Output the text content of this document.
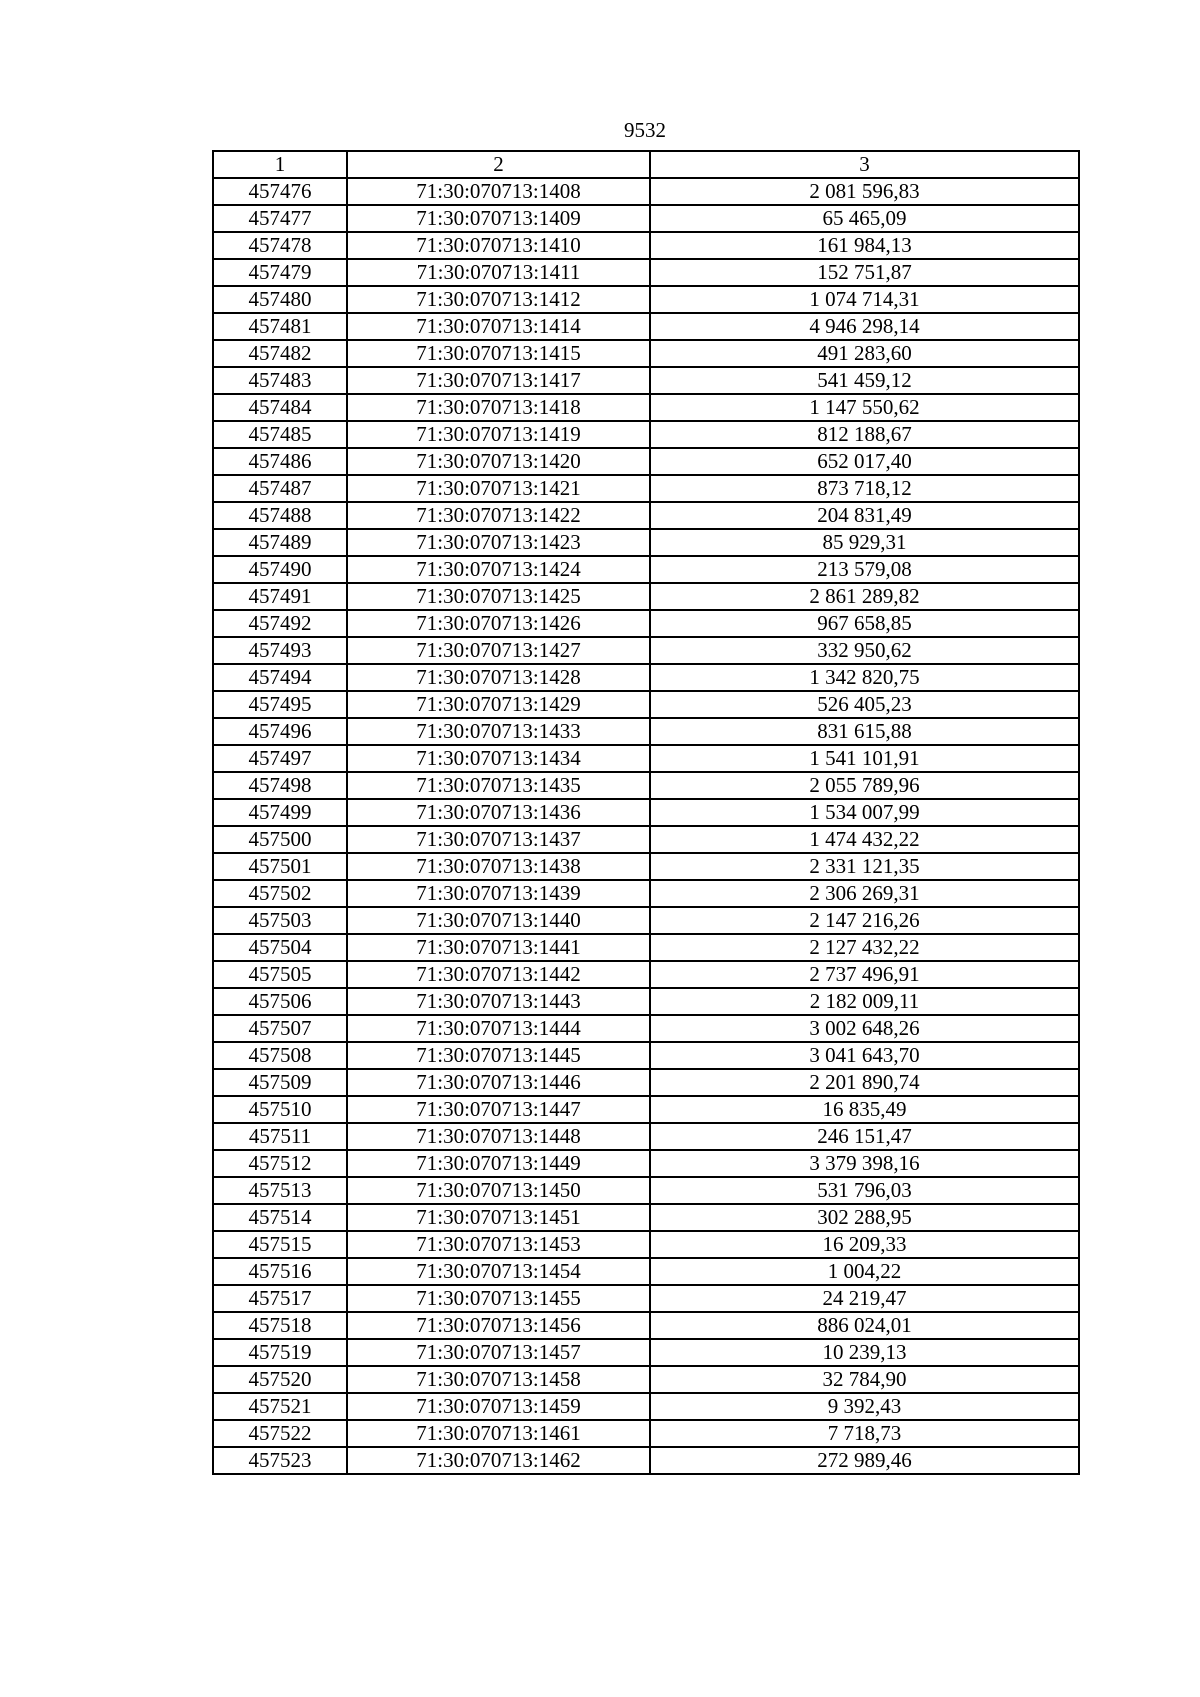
9532
1	2	3
457476	71:30:070713:1408	2 081 596,83
457477	71:30:070713:1409	65 465,09
457478	71:30:070713:1410	161 984,13
457479	71:30:070713:1411	152 751,87
457480	71:30:070713:1412	1 074 714,31
457481	71:30:070713:1414	4 946 298,14
457482	71:30:070713:1415	491 283,60
457483	71:30:070713:1417	541 459,12
457484	71:30:070713:1418	1 147 550,62
457485	71:30:070713:1419	812 188,67
457486	71:30:070713:1420	652 017,40
457487	71:30:070713:1421	873 718,12
457488	71:30:070713:1422	204 831,49
457489	71:30:070713:1423	85 929,31
457490	71:30:070713:1424	213 579,08
457491	71:30:070713:1425	2 861 289,82
457492	71:30:070713:1426	967 658,85
457493	71:30:070713:1427	332 950,62
457494	71:30:070713:1428	1 342 820,75
457495	71:30:070713:1429	526 405,23
457496	71:30:070713:1433	831 615,88
457497	71:30:070713:1434	1 541 101,91
457498	71:30:070713:1435	2 055 789,96
457499	71:30:070713:1436	1 534 007,99
457500	71:30:070713:1437	1 474 432,22
457501	71:30:070713:1438	2 331 121,35
457502	71:30:070713:1439	2 306 269,31
457503	71:30:070713:1440	2 147 216,26
457504	71:30:070713:1441	2 127 432,22
457505	71:30:070713:1442	2 737 496,91
457506	71:30:070713:1443	2 182 009,11
457507	71:30:070713:1444	3 002 648,26
457508	71:30:070713:1445	3 041 643,70
457509	71:30:070713:1446	2 201 890,74
457510	71:30:070713:1447	16 835,49
457511	71:30:070713:1448	246 151,47
457512	71:30:070713:1449	3 379 398,16
457513	71:30:070713:1450	531 796,03
457514	71:30:070713:1451	302 288,95
457515	71:30:070713:1453	16 209,33
457516	71:30:070713:1454	1 004,22
457517	71:30:070713:1455	24 219,47
457518	71:30:070713:1456	886 024,01
457519	71:30:070713:1457	10 239,13
457520	71:30:070713:1458	32 784,90
457521	71:30:070713:1459	9 392,43
457522	71:30:070713:1461	7 718,73
457523	71:30:070713:1462	272 989,46
